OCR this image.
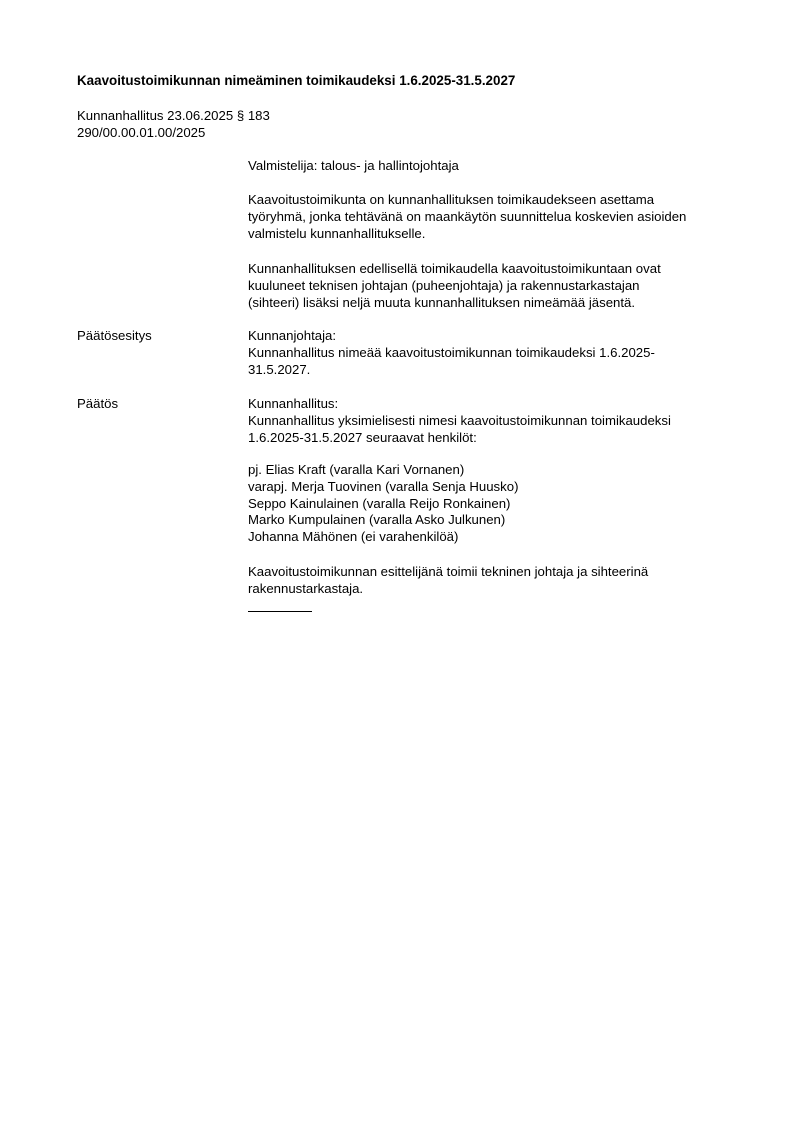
Kaavoitustoimikunnan nimeäminen toimikaudeksi 1.6.2025-31.5.2027
Kunnanhallitus 23.06.2025 § 183
290/00.00.01.00/2025
Valmistelija: talous- ja hallintojohtaja
Kaavoitustoimikunta on kunnanhallituksen toimikaudekseen asettama
työryhmä, jonka tehtävänä on maankäytön suunnittelua koskevien asioiden
valmistelu kunnanhallitukselle.
Kunnanhallituksen edellisellä toimikaudella kaavoitustoimikuntaan ovat
kuuluneet teknisen johtajan (puheenjohtaja) ja rakennustarkastajan
(sihteeri) lisäksi neljä muuta kunnanhallituksen nimeämää jäsentä.
Päätösesitys	Kunnanjohtaja:
Kunnanhallitus nimeää kaavoitustoimikunnan toimikaudeksi 1.6.2025-
31.5.2027.
Päätös	Kunnanhallitus:
Kunnanhallitus yksimielisesti nimesi kaavoitustoimikunnan toimikaudeksi
1.6.2025-31.5.2027 seuraavat henkilöt:
pj. Elias Kraft (varalla Kari Vornanen)
varapj. Merja Tuovinen (varalla Senja Huusko)
Seppo Kainulainen (varalla Reijo Ronkainen)
Marko Kumpulainen (varalla Asko Julkunen)
Johanna Mähönen (ei varahenkilöä)
Kaavoitustoimikunnan esittelijänä toimii tekninen johtaja ja sihteerinä
rakennustarkastaja.
